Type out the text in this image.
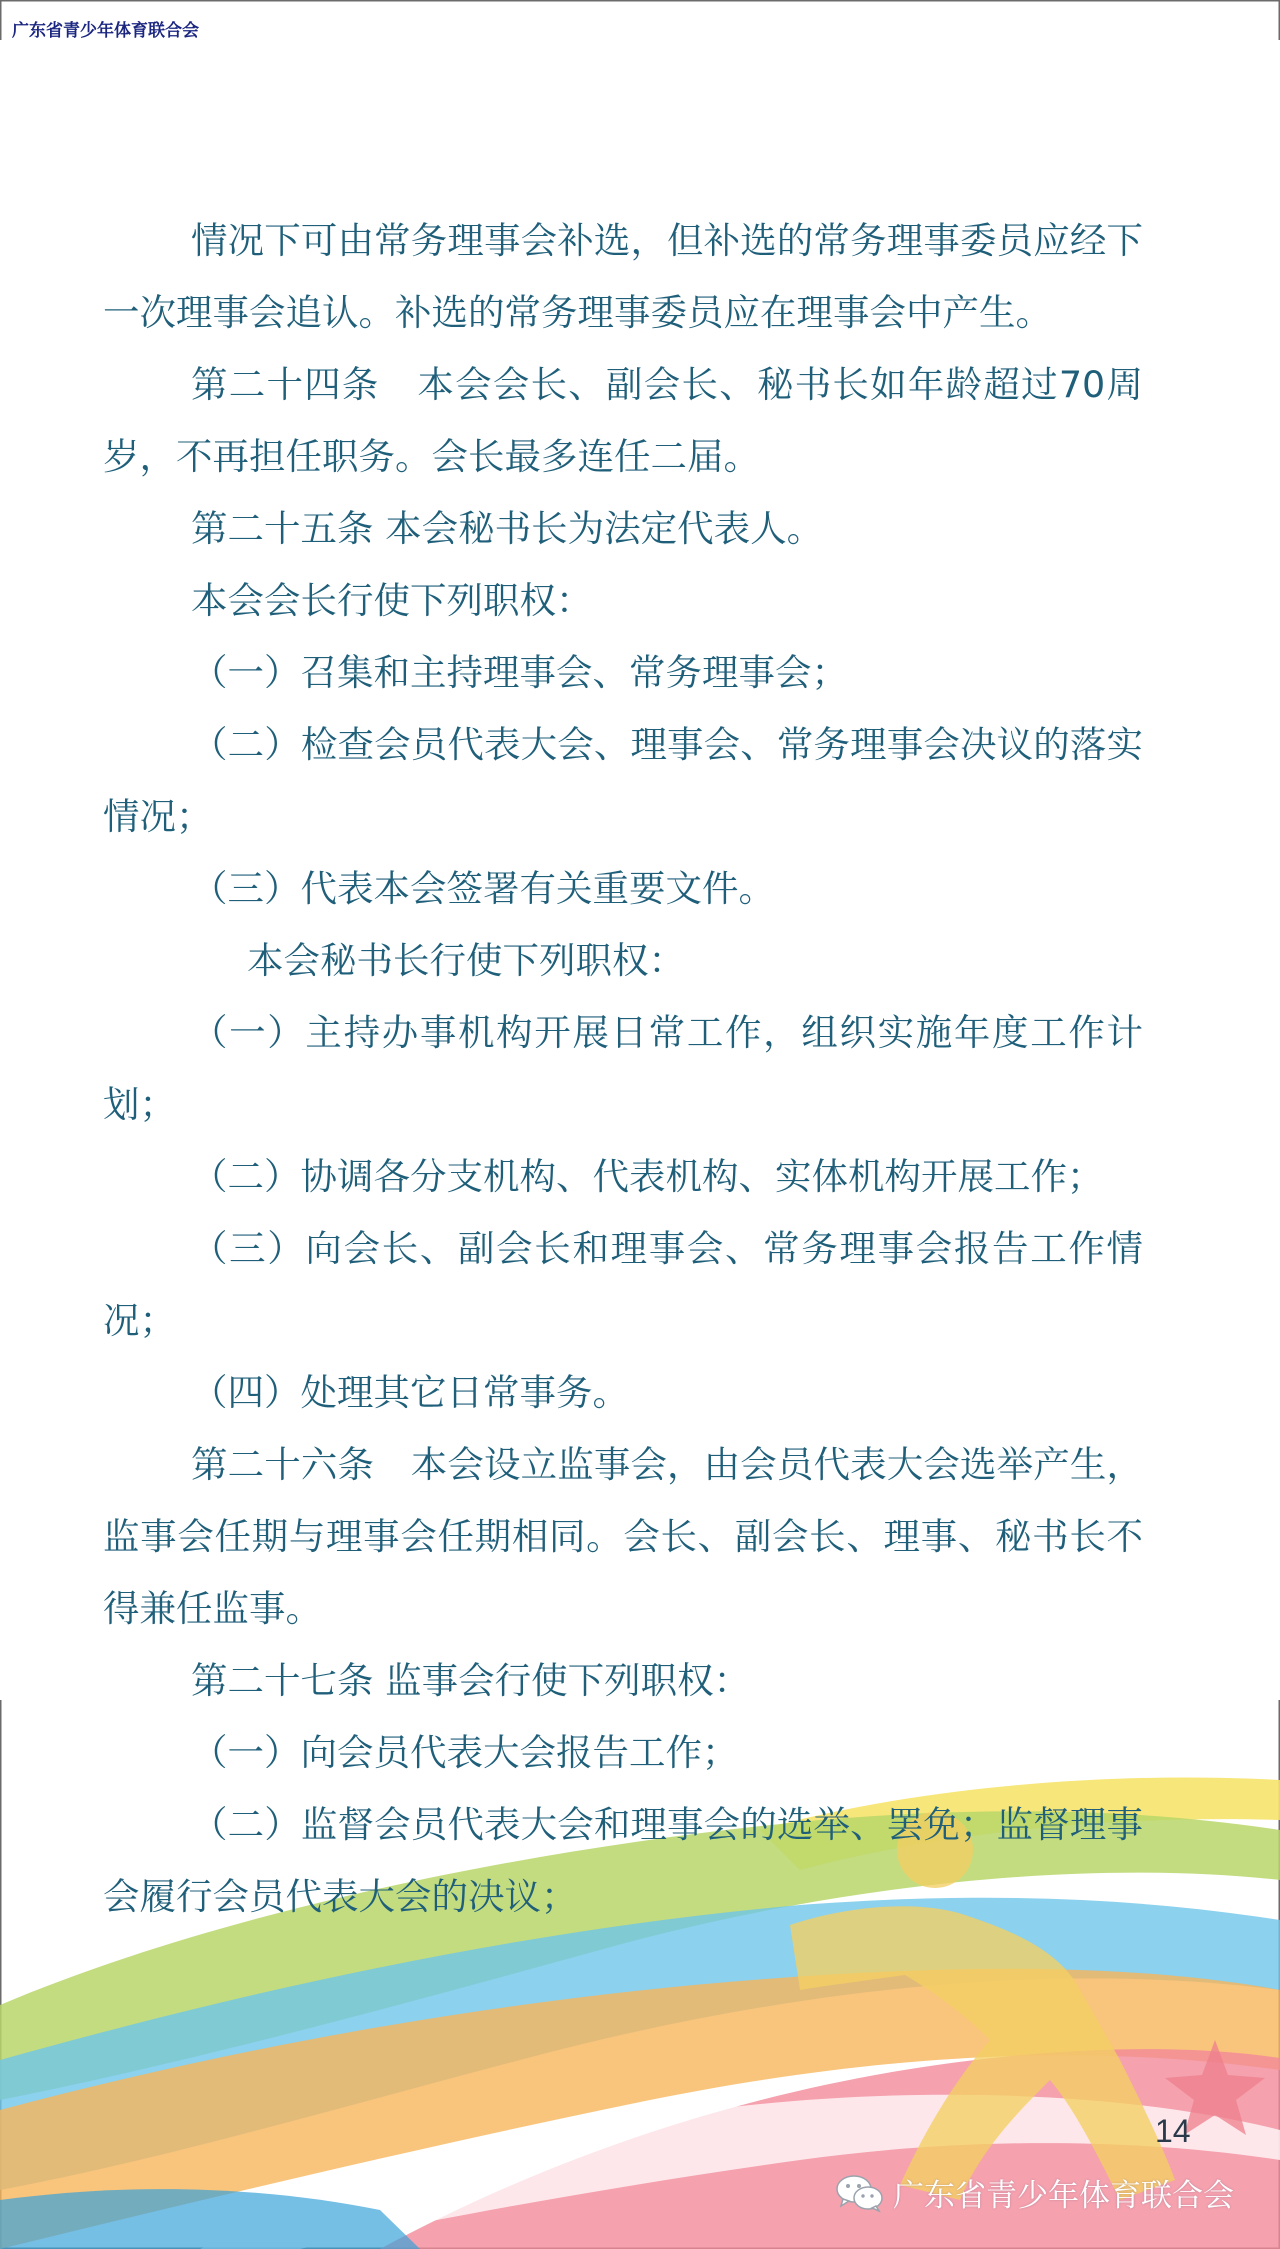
广东省青少年体育联合会

情况下可由常务理事会补选，但补选的常务理事委员应经下一次理事会追认。补选的常务理事委员应在理事会中产生。

第二十四条　本会会长、副会长、秘书长如年龄超过70周岁，不再担任职务。会长最多连任二届。

第二十五条 本会秘书长为法定代表人。

本会会长行使下列职权：

（一）召集和主持理事会、常务理事会；

（二）检查会员代表大会、理事会、常务理事会决议的落实情况；

（三）代表本会签署有关重要文件。

本会秘书长行使下列职权：

（一）主持办事机构开展日常工作，组织实施年度工作计划；

（二）协调各分支机构、代表机构、实体机构开展工作；

（三）向会长、副会长和理事会、常务理事会报告工作情况；

（四）处理其它日常事务。

第二十六条　本会设立监事会，由会员代表大会选举产生，监事会任期与理事会任期相同。会长、副会长、理事、秘书长不得兼任监事。

第二十七条 监事会行使下列职权：

（一）向会员代表大会报告工作；

（二）监督会员代表大会和理事会的选举、罢免；监督理事会履行会员代表大会的决议；

14
广东省青少年体育联合会
